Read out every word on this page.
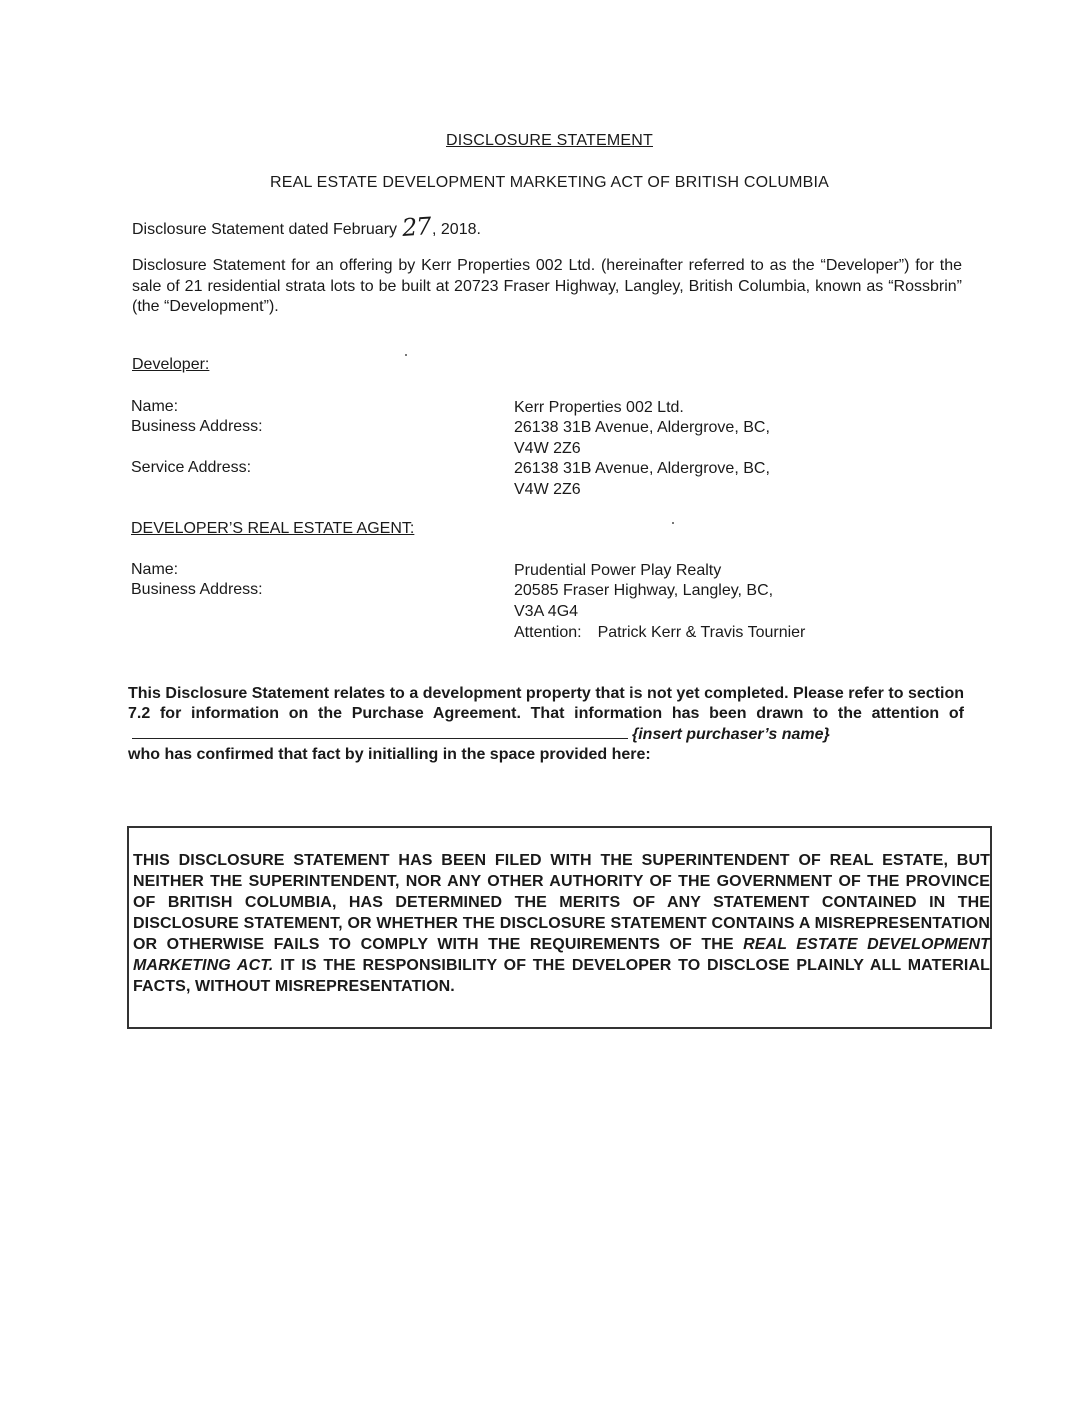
DISCLOSURE STATEMENT
REAL ESTATE DEVELOPMENT MARKETING ACT OF BRITISH COLUMBIA
Disclosure Statement dated February 27, 2018.
Disclosure Statement for an offering by Kerr Properties 002 Ltd. (hereinafter referred to as the “Developer”) for the sale of 21 residential strata lots to be built at 20723 Fraser Highway, Langley, British Columbia, known as “Rossbrin” (the “Development”).
Developer:
Name:	Kerr Properties 002 Ltd.
Business Address:	26138 31B Avenue, Aldergrove, BC,
V4W 2Z6
Service Address:	26138 31B Avenue, Aldergrove, BC,
V4W 2Z6
DEVELOPER’S REAL ESTATE AGENT:
Name:	Prudential Power Play Realty
Business Address:	20585 Fraser Highway, Langley, BC,
V3A 4G4
Attention: Patrick Kerr & Travis Tournier
This Disclosure Statement relates to a development property that is not yet completed. Please refer to section 7.2 for information on the Purchase Agreement. That information has been drawn to the attention of{insert purchaser’s name}
who has confirmed that fact by initialling in the space provided here:
THIS DISCLOSURE STATEMENT HAS BEEN FILED WITH THE SUPERINTENDENT OF REAL ESTATE, BUT NEITHER THE SUPERINTENDENT, NOR ANY OTHER AUTHORITY OF THE GOVERNMENT OF THE PROVINCE OF BRITISH COLUMBIA, HAS DETERMINED THE MERITS OF ANY STATEMENT CONTAINED IN THE DISCLOSURE STATEMENT, OR WHETHER THE DISCLOSURE STATEMENT CONTAINS A MISREPRESENTATION OR OTHERWISE FAILS TO COMPLY WITH THE REQUIREMENTS OF THE REAL ESTATE DEVELOPMENT MARKETING ACT. IT IS THE RESPONSIBILITY OF THE DEVELOPER TO DISCLOSE PLAINLY ALL MATERIAL FACTS, WITHOUT MISREPRESENTATION.
